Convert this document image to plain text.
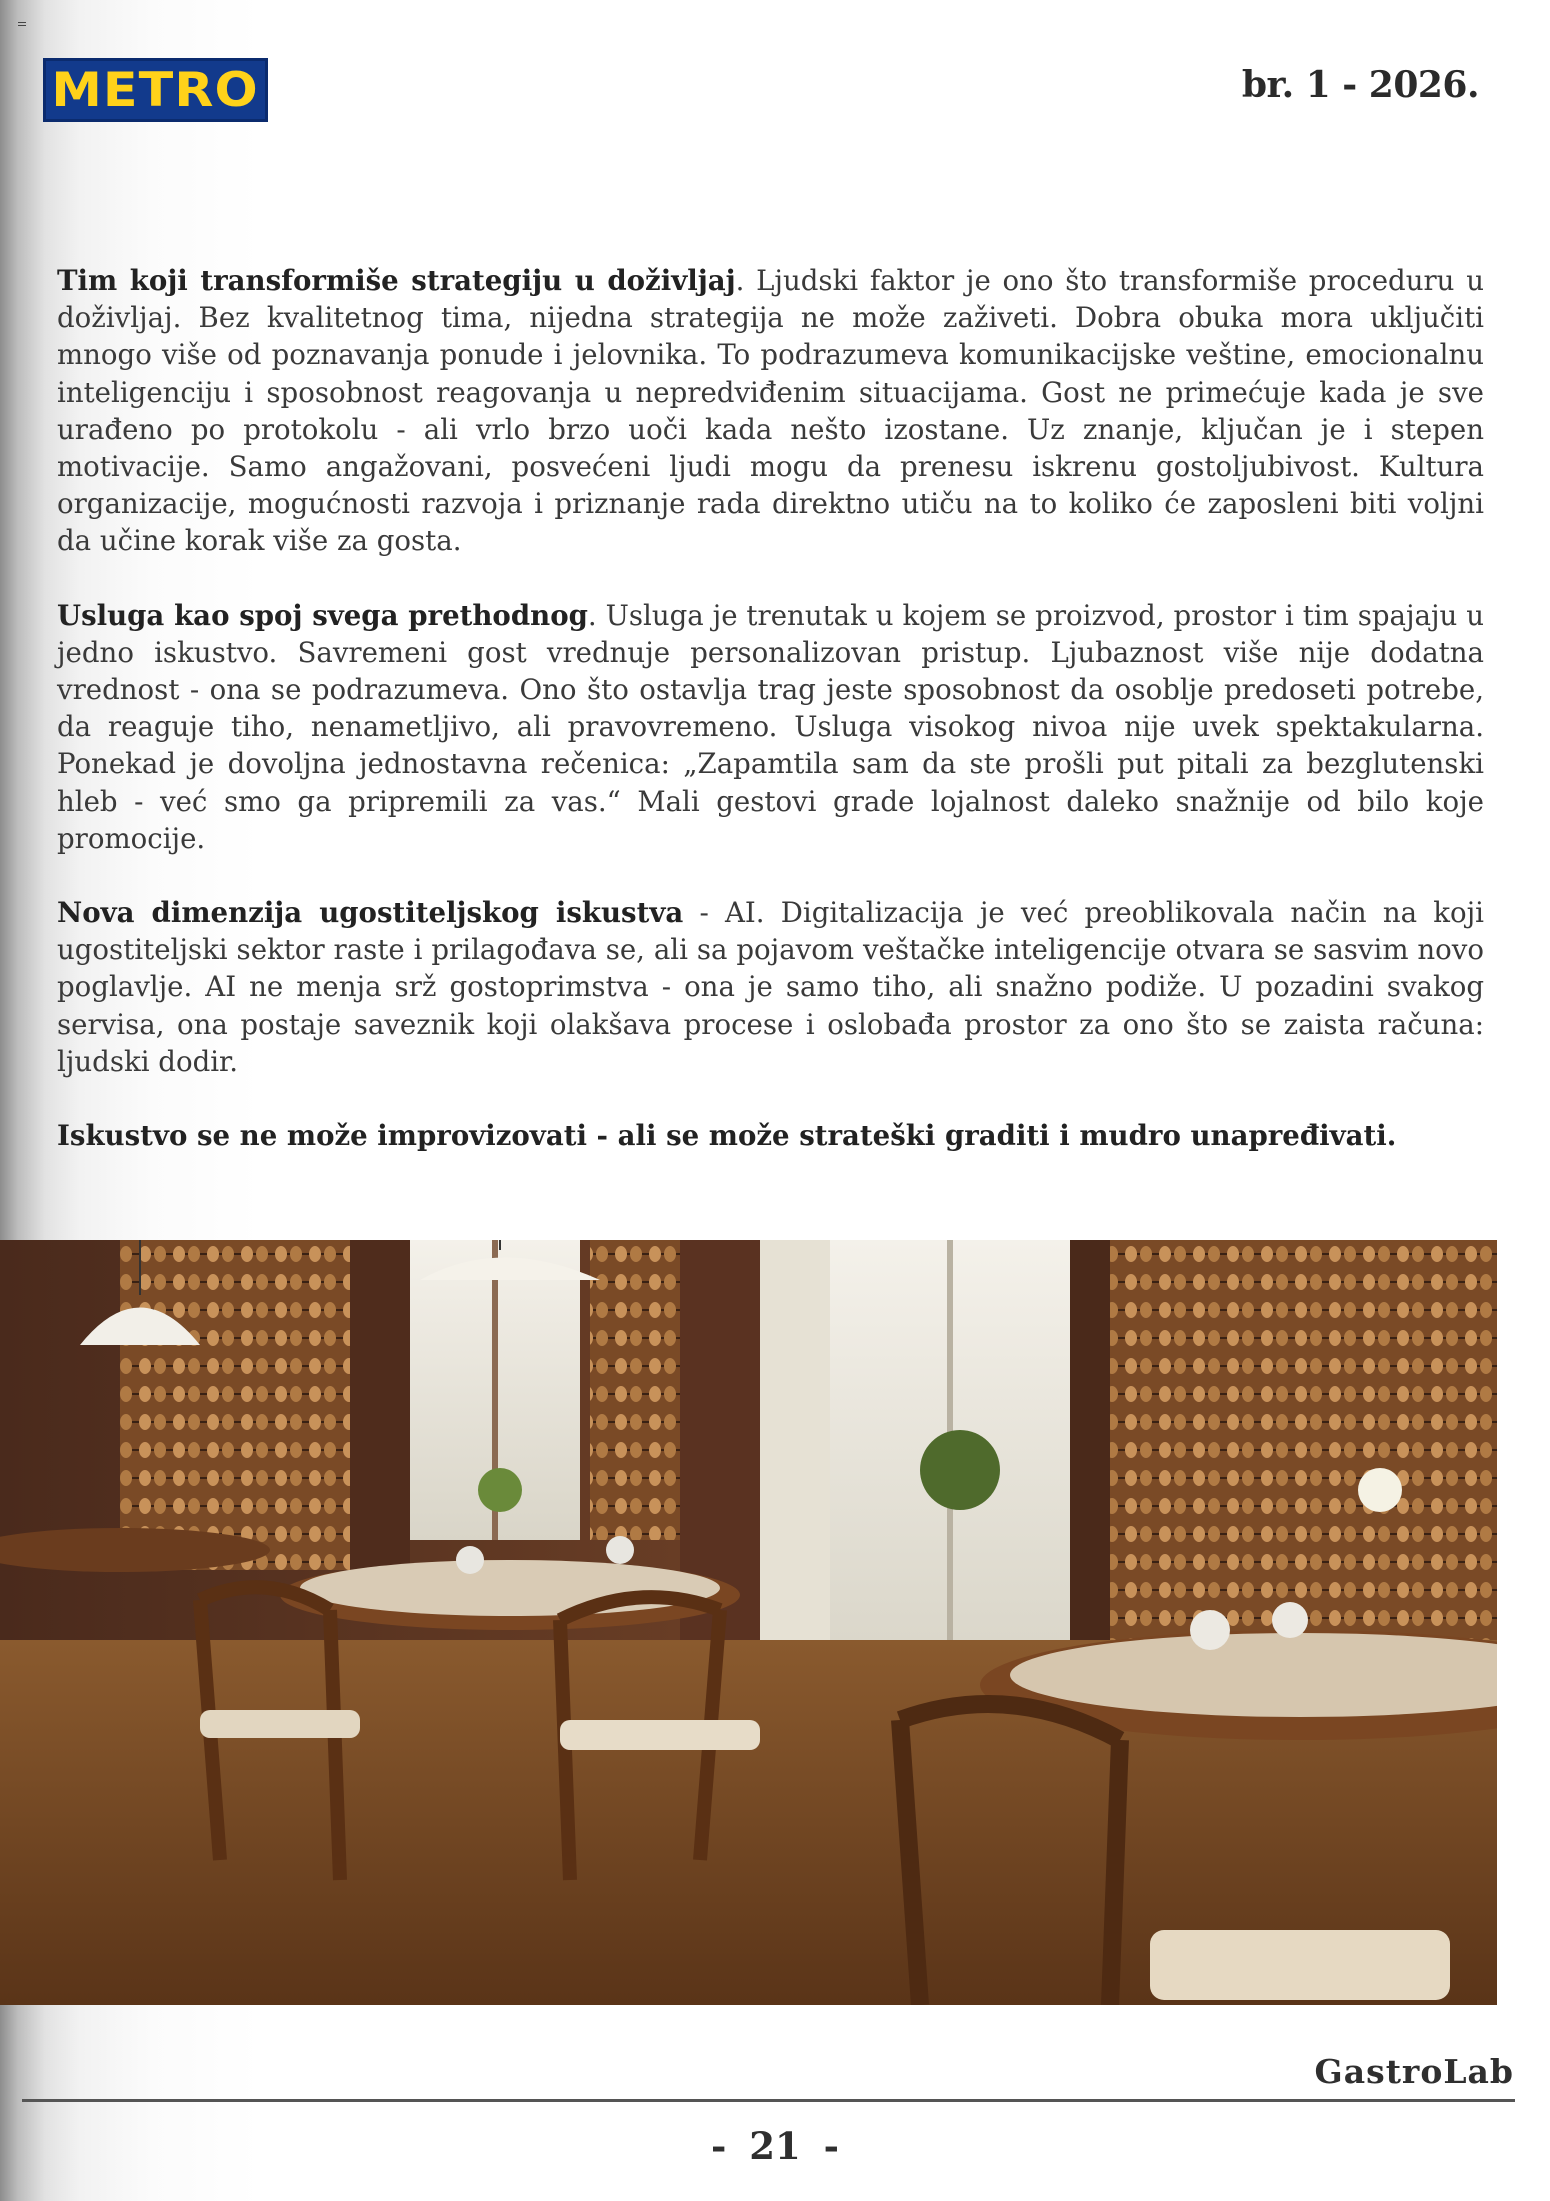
METRO	br. 1 - 2026.

Tim koji transformiše strategiju u doživljaj. Ljudski faktor je ono što transformiše proceduru u doživljaj. Bez kvalitetnog tima, nijedna strategija ne može zaživeti. Dobra obuka mora uključiti mnogo više od poznavanja ponude i jelovnika. To podrazumeva komunikacijske veštine, emocionalnu inteligenciju i sposobnost reagovanja u nepredviđenim situacijama. Gost ne primećuje kada je sve urađeno po protokolu - ali vrlo brzo uoči kada nešto izostane. Uz znanje, ključan je i stepen motivacije. Samo angažovani, posvećeni ljudi mogu da prenesu iskrenu gostoljubivost. Kultura organizacije, mogućnosti razvoja i priznanje rada direktno utiču na to koliko će zaposleni biti voljni da učine korak više za gosta.

Usluga kao spoj svega prethodnog. Usluga je trenutak u kojem se proizvod, prostor i tim spajaju u jedno iskustvo. Savremeni gost vrednuje personalizovan pristup. Ljubaznost više nije dodatna vrednost - ona se podrazumeva. Ono što ostavlja trag jeste sposobnost da osoblje predoseti potrebe, da reaguje tiho, nenametljivo, ali pravovremeno. Usluga visokog nivoa nije uvek spektakularna. Ponekad je dovoljna jednostavna rečenica: „Zapamtila sam da ste prošli put pitali za bezglutenski hleb - već smo ga pripremili za vas.“ Mali gestovi grade lojalnost daleko snažnije od bilo koje promocije.

Nova dimenzija ugostiteljskog iskustva - AI. Digitalizacija je već preoblikovala način na koji ugostiteljski sektor raste i prilagođava se, ali sa pojavom veštačke inteligencije otvara se sasvim novo poglavlje. AI ne menja srž gostoprimstva - ona je samo tiho, ali snažno podiže. U pozadini svakog servisa, ona postaje saveznik koji olakšava procese i oslobađa prostor za ono što se zaista računa: ljudski dodir.

Iskustvo se ne može improvizovati - ali se može strateški graditi i mudro unapređivati.

GastroLab
- 21 -
